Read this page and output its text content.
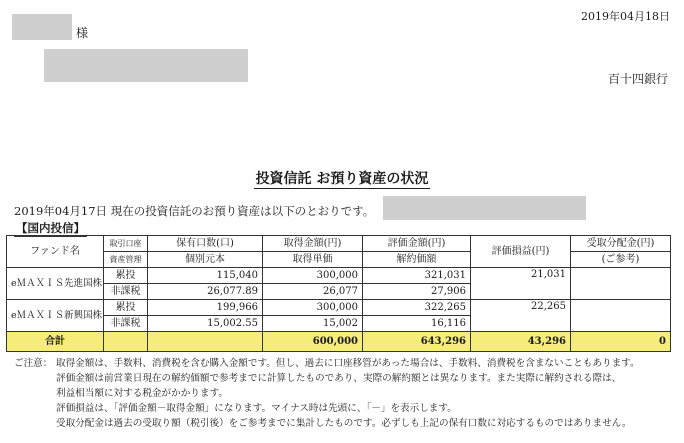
2019年04月18日
様
百十四銀行
投資信託 お預り資産の状況
2019年04月17日 現在の投資信託のお預り資産は以下のとおりです。
【国内投信】
ファンド名	取引口座	保有口数(口)	取得金額(円)	評価金額(円)	評価損益(円)	受取分配金(円)
	資産管理	個別元本	取得単価	解約価額		(ご参考)
eＭＡＸＩＳ先進国株	累投	115,040	300,000	321,031	21,031	
	非課税	26,077.89	26,077	27,906		
eＭＡＸＩＳ新興国株	累投	199,966	300,000	322,265	22,265	
	非課税	15,002.55	15,002	16,116		
合計			600,000	643,296	43,296	0
ご注意： 取得金額は、手数料、消費税を含む購入金額です。但し、過去に口座移管があった場合は、手数料、消費税を含まないこともあります。
評価金額は前営業日現在の解約価額で参考までに計算したものであり、実際の解約額とは異なります。また実際に解約される際は、
利益相当額に対する税金がかかります。
評価損益は、「評価金額－取得金額」になります。マイナス時は先頭に、「－」を表示します。
受取分配金は過去の受取り額（税引後）をご参考までに集計したものです。必ずしも上記の保有口数に対応するものではありません。
